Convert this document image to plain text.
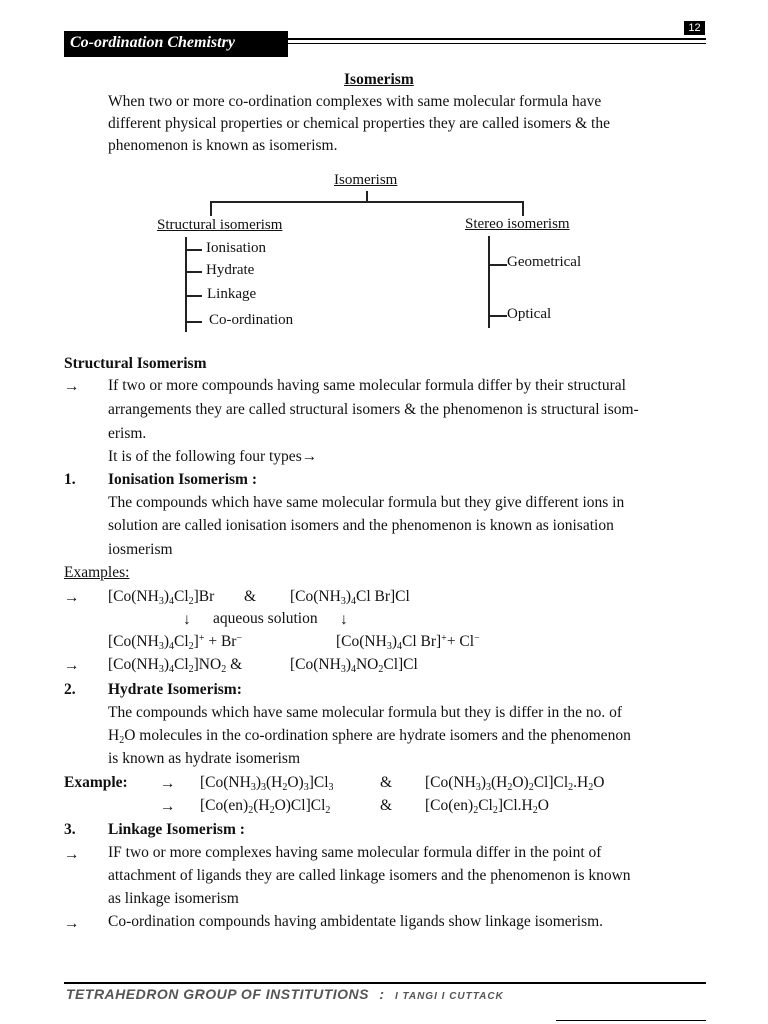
Co-ordination Chemistry
12
Isomerism
When two or more co-ordination complexes with same molecular formula have
different physical properties or chemical properties they are called isomers & the
phenomenon is known as isomerism.
Isomerism
Structural isomerism
Ionisation
Hydrate
Linkage
Co-ordination
Stereo isomerism
Geometrical
Optical
Structural Isomerism
→ If two or more compounds having same molecular formula differ by their structural
arrangements they are called structural isomers & the phenomenon is structural isom-
erism.
It is of the following four types→
1. Ionisation Isomerism :
The compounds which have same molecular formula but they give different ions in
solution are called ionisation isomers and the phenomenon is known as ionisation
iosmerism
Examples:
→ $[Co(NH_3)_4Cl_2]Br$ & [$Co(NH_3)_4Cl$ Br]Cl
↓ aqueous solution ↓
$[Co(NH_3)_4Cl_2]^+ + Br^-$	[$Co(NH_3)_4Cl$ Br]++ Cl−
→ $[Co(NH_3)_4Cl_2]NO_2$ &	$[Co(NH_3)_4NO_2Cl]Cl$
2. Hydrate Isomerism:
The compounds which have same molecular formula but they is differ in the no. of
$H_2O$ molecules in the co-ordination sphere are hydrate isomers and the phenomenon
is known as hydrate isomerism
Example: → $[Co(NH_3)_3(H_2O)_3]Cl_3$	& $[Co(NH_3)_3(H_2O)_2Cl]Cl_2.H_2O$
→ $[Co(en)_2(H_2O)Cl]Cl_2$	& $[Co(en)_2Cl_2]Cl.H_2O$
3. Linkage Isomerism :
→ IF two or more complexes having same molecular formula differ in the point of
attachment of ligands they are called linkage isomers and the phenomenon is known
as linkage isomerism
→ Co-ordination compounds having ambidentate ligands show linkage isomerism.
TETRAHEDRON GROUP OF INSTITUTIONS : I TANGI I CUTTACK
